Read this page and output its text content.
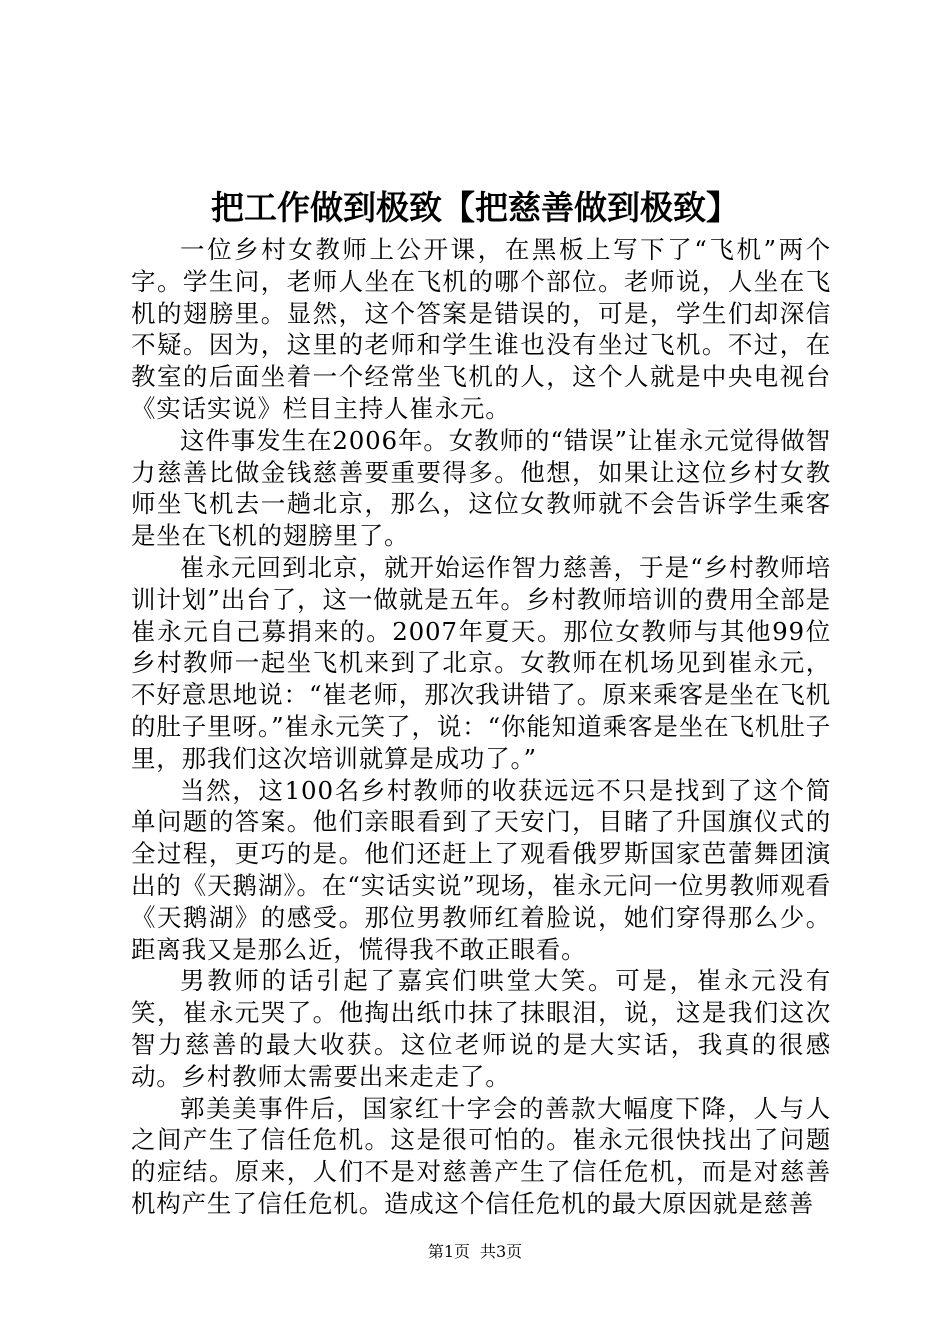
把工作做到极致【把慈善做到极致】

一位乡村女教师上公开课，在黑板上写下了“飞机”两个字。学生问，老师人坐在飞机的哪个部位。老师说，人坐在飞机的翅膀里。显然，这个答案是错误的，可是，学生们却深信不疑。因为，这里的老师和学生谁也没有坐过飞机。不过，在教室的后面坐着一个经常坐飞机的人，这个人就是中央电视台《实话实说》栏目主持人崔永元。

这件事发生在2006年。女教师的“错误”让崔永元觉得做智力慈善比做金钱慈善要重要得多。他想，如果让这位乡村女教师坐飞机去一趟北京，那么，这位女教师就不会告诉学生乘客是坐在飞机的翅膀里了。

崔永元回到北京，就开始运作智力慈善，于是“乡村教师培训计划”出台了，这一做就是五年。乡村教师培训的费用全部是崔永元自己募捐来的。2007年夏天。那位女教师与其他99位乡村教师一起坐飞机来到了北京。女教师在机场见到崔永元，不好意思地说：“崔老师，那次我讲错了。原来乘客是坐在飞机的肚子里呀。”崔永元笑了，说：“你能知道乘客是坐在飞机肚子里，那我们这次培训就算是成功了。”

当然，这100名乡村教师的收获远远不只是找到了这个简单问题的答案。他们亲眼看到了天安门，目睹了升国旗仪式的全过程，更巧的是。他们还赶上了观看俄罗斯国家芭蕾舞团演出的《天鹅湖》。在“实话实说”现场，崔永元问一位男教师观看《天鹅湖》的感受。那位男教师红着脸说，她们穿得那么少。距离我又是那么近，慌得我不敢正眼看。

男教师的话引起了嘉宾们哄堂大笑。可是，崔永元没有笑，崔永元哭了。他掏出纸巾抹了抹眼泪，说，这是我们这次智力慈善的最大收获。这位老师说的是大实话，我真的很感动。乡村教师太需要出来走走了。

郭美美事件后，国家红十字会的善款大幅度下降，人与人之间产生了信任危机。这是很可怕的。崔永元很快找出了问题的症结。原来，人们不是对慈善产生了信任危机，而是对慈善机构产生了信任危机。造成这个信任危机的最大原因就是慈善

第1页 共3页
